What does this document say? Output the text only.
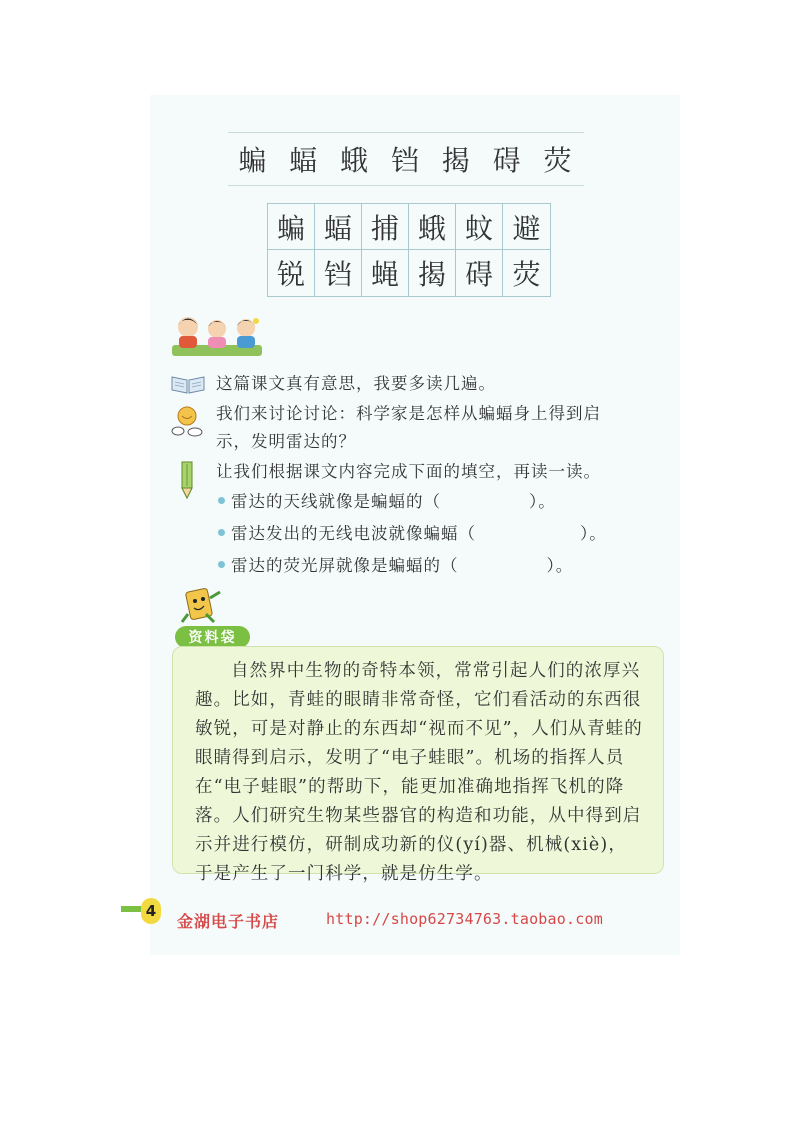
蝙 蝠 蛾 铛 揭 碍 荧
蝙 蝠 捕 蛾 蚊 避
锐 铛 蝇 揭 碍 荧
这篇课文真有意思，我要多读几遍。
我们来讨论讨论：科学家是怎样从蝙蝠身上得到启
示，发明雷达的？
让我们根据课文内容完成下面的填空，再读一读。
雷达的天线就像是蝙蝠的（	）。
雷达发出的无线电波就像蝙蝠（	）。
雷达的荧光屏就像是蝙蝠的（	）。
资料袋

自然界中生物的奇特本领，常常引起人们的浓厚兴趣。比如，青蛙的眼睛非常奇怪，它们看活动的东西很敏锐，可是对静止的东西却“视而不见”，人们从青蛙的眼睛得到启示，发明了“电子蛙眼”。机场的指挥人员在“电子蛙眼”的帮助下，能更加准确地指挥飞机的降落。人们研究生物某些器官的构造和功能，从中得到启示并进行模仿，研制成功新的仪(yí)器、机械(xiè)，于是产生了一门科学，就是仿生学。

4
金湖电子书店	http://shop62734763.taobao.com
